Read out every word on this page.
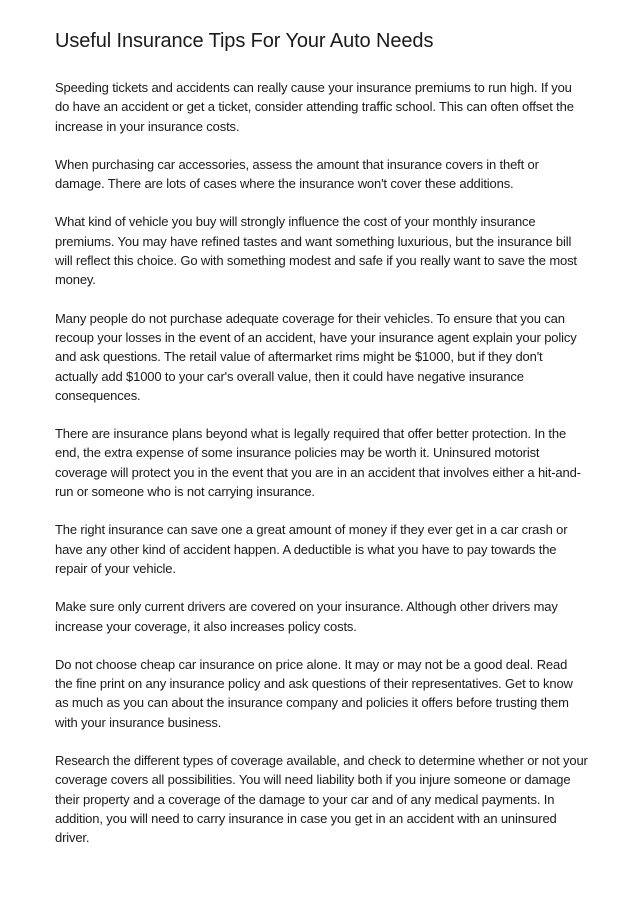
Useful Insurance Tips For Your Auto Needs

Speeding tickets and accidents can really cause your insurance premiums to run high. If you do have an accident or get a ticket, consider attending traffic school. This can often offset the increase in your insurance costs.

When purchasing car accessories, assess the amount that insurance covers in theft or damage. There are lots of cases where the insurance won't cover these additions.

What kind of vehicle you buy will strongly influence the cost of your monthly insurance premiums. You may have refined tastes and want something luxurious, but the insurance bill will reflect this choice. Go with something modest and safe if you really want to save the most money.

Many people do not purchase adequate coverage for their vehicles. To ensure that you can recoup your losses in the event of an accident, have your insurance agent explain your policy and ask questions. The retail value of aftermarket rims might be $1000, but if they don't actually add $1000 to your car's overall value, then it could have negative insurance consequences.

There are insurance plans beyond what is legally required that offer better protection. In the end, the extra expense of some insurance policies may be worth it. Uninsured motorist coverage will protect you in the event that you are in an accident that involves either a hit-and-run or someone who is not carrying insurance.

The right insurance can save one a great amount of money if they ever get in a car crash or have any other kind of accident happen. A deductible is what you have to pay towards the repair of your vehicle.

Make sure only current drivers are covered on your insurance. Although other drivers may increase your coverage, it also increases policy costs.

Do not choose cheap car insurance on price alone. It may or may not be a good deal. Read the fine print on any insurance policy and ask questions of their representatives. Get to know as much as you can about the insurance company and policies it offers before trusting them with your insurance business.

Research the different types of coverage available, and check to determine whether or not your coverage covers all possibilities. You will need liability both if you injure someone or damage their property and a coverage of the damage to your car and of any medical payments. In addition, you will need to carry insurance in case you get in an accident with an uninsured driver.
